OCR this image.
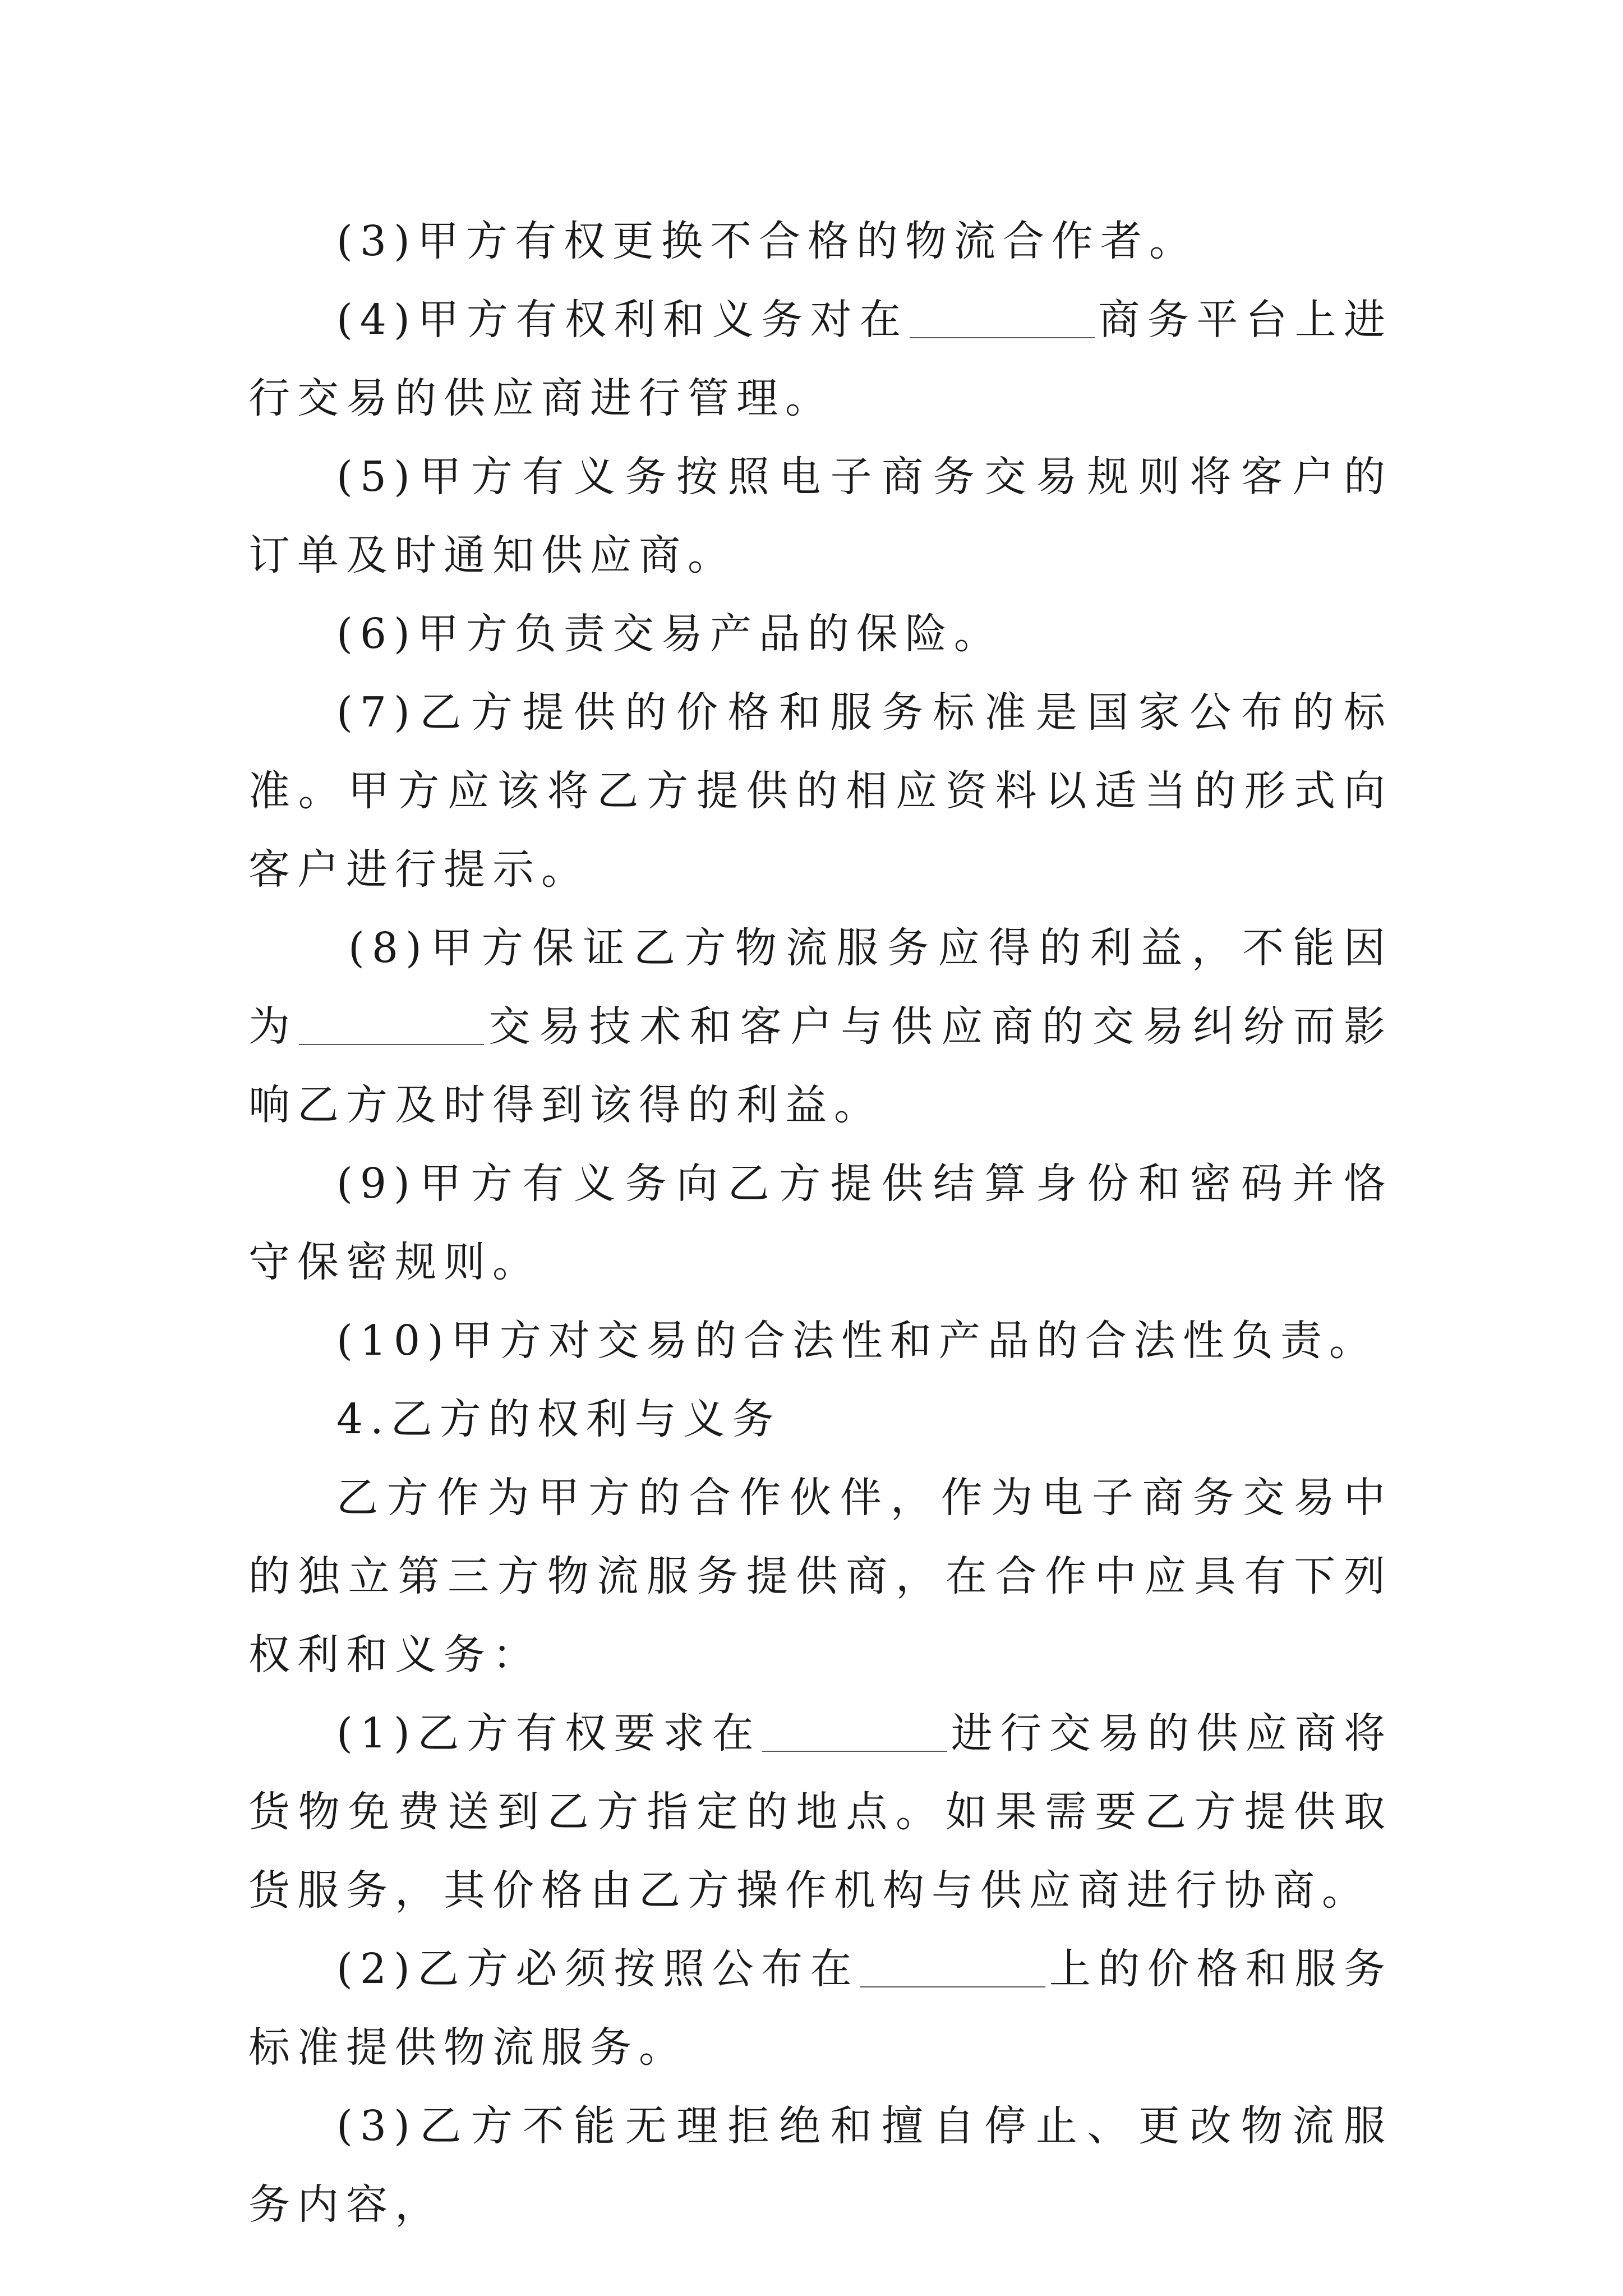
(3)甲方有权更换不合格的物流合作者。

(4)甲方有权利和义务对在	商务平台上进行交易的供应商进行管理。

(5)甲方有义务按照电子商务交易规则将客户的订单及时通知供应商。

(6)甲方负责交易产品的保险。

(7)乙方提供的价格和服务标准是国家公布的标准。甲方应该将乙方提供的相应资料以适当的形式向客户进行提示。

(8)甲方保证乙方物流服务应得的利益，不能因为	交易技术和客户与供应商的交易纠纷而影响乙方及时得到该得的利益。

(9)甲方有义务向乙方提供结算身份和密码并恪守保密规则。

(10)甲方对交易的合法性和产品的合法性负责。

4.乙方的权利与义务

乙方作为甲方的合作伙伴，作为电子商务交易中的独立第三方物流服务提供商，在合作中应具有下列权利和义务：

(1)乙方有权要求在	进行交易的供应商将货物免费送到乙方指定的地点。如果需要乙方提供取货服务，其价格由乙方操作机构与供应商进行协商。

(2)乙方必须按照公布在	上的价格和服务标准提供物流服务。

(3)乙方不能无理拒绝和擅自停止、更改物流服务内容，
